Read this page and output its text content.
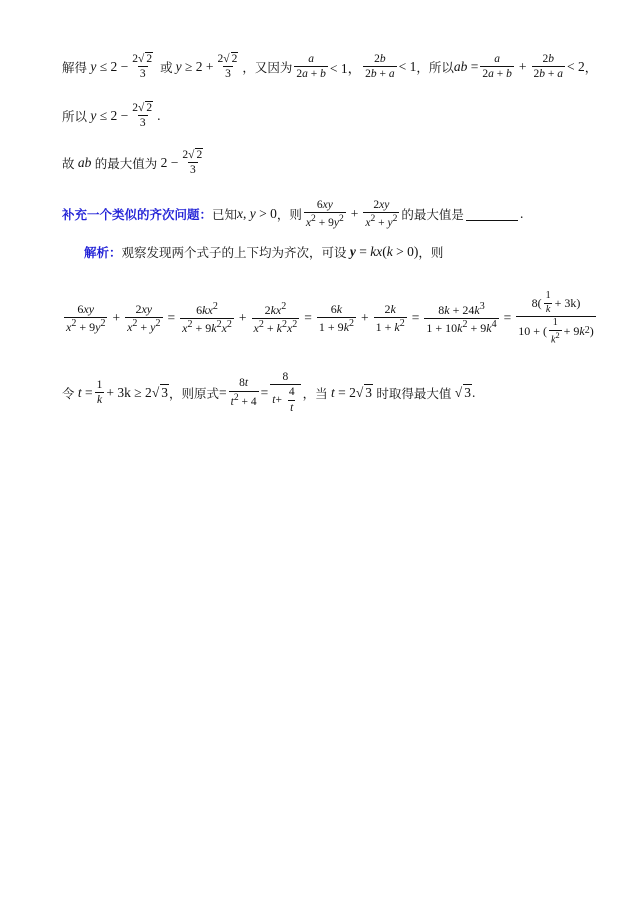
解得 $y \le 2 - \frac{2√ 2}{3}$ 或 $y \ge 2 + \frac{2√ 2}{3}$ ，又因为 $\frac{a}{2a + b} < 1$， $\frac{2b}{2b + a} < 1$ ，所以 ab = $\frac{a}{2a + b} + \frac{2b}{2b + a} < 2$ ，
所以 $y \le 2 - \frac{2√ 2}{3}$ .
故 ab 的最大值为 $2 - \frac{2√ 2}{3}$
补充一个类似的齐次问题： 已知 x, y > 0 ，则 $\frac{6xy}{x^2 + 9y^2} + \frac{2xy}{x^2 + y^2}$ 的最大值是	.
解析： 观察发现两个式子的上下均为齐次，可设 y = kx(k > 0) ，则
$\frac{6xy}{x^2 + 9y^2} + \frac{2xy}{x^2 + y^2} = \frac{6kx^2}{x^2 + 9k^2x^2} + \frac{2kx^2}{x^2 + k^2x^2} = \frac{6k}{1 + 9k^2} + \frac{2k}{1 + k^2} = \frac{8k + 24k^3}{1 + 10k^2 + 9k^4} = \frac{8( \frac{1}{k} + 3k)}{10 + ( \frac{1}{k^2} + 9 k 2 )}$
令 $t = \frac{1}{k} + 3k \ge 2√$ 3 ，则原式 = $\frac{8t}{t^2 + 4} = \frac{8}{t + \frac{4}{t}}$ ，当 t = 2√ 3 时取得最大值
√ 3 .
